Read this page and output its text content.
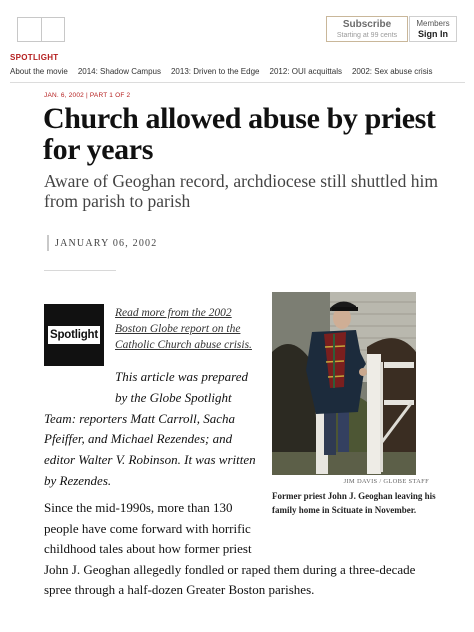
Subscribe
Starting at 99 cents
Members
Sign In
SPOTLIGHT
About the movie 2014: Shadow Campus 2013: Driven to the Edge 2012: OUI acquittals 2002: Sex abuse crisis
JAN. 6, 2002 | PART 1 OF 2
Church allowed abuse by priest for years
Aware of Geoghan record, archdiocese still shuttled him from parish to parish
JANUARY 06, 2002
Spotlight
Read more from the 2002 Boston Globe report on the Catholic Church abuse crisis.
This article was prepared
by the Globe Spotlight
Team: reporters Matt Carroll, Sacha Pfeiffer, and Michael Rezendes; and editor Walter V. Robinson. It was written by Rezendes.	JIM DAVIS / GLOBE STAFF
Former priest John J. Geoghan leaving his family home in Scituate in November.
Since the mid-1990s, more than 130 people have come forward with horrific childhood tales about how former priest
John J. Geoghan allegedly fondled or raped them during a three-decade spree through a half-dozen Greater Boston parishes.
